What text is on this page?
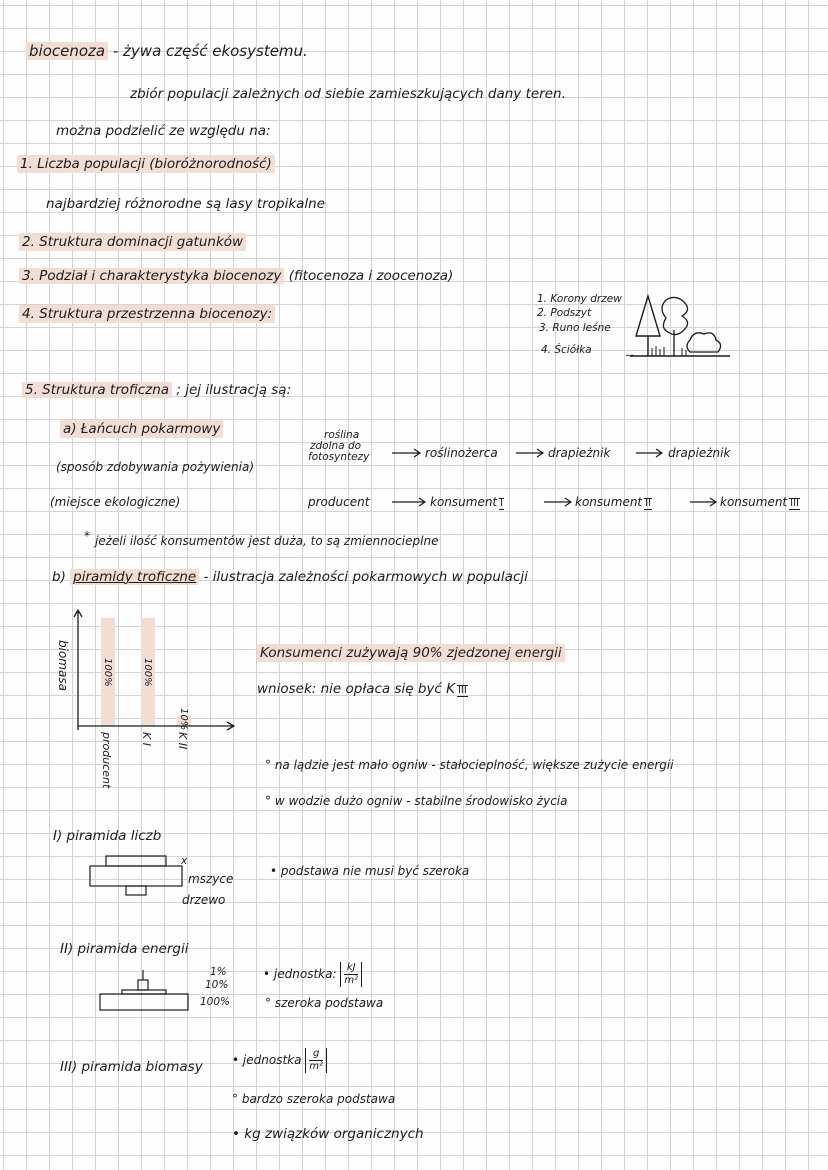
biocenoza - żywa część ekosystemu.
zbiór populacji zależnych od siebie zamieszkujących dany teren.
można podzielić ze względu na:
1. Liczba populacji (bioróżnorodność)
najbardziej różnorodne są lasy tropikalne
2. Struktura dominacji gatunków
3. Podział i charakterystyka biocenozy (fitocenoza i zoocenoza)
4. Struktura przestrzenna biocenozy:
1. Korony drzew
2. Podszyt
3. Runo leśne
4. Ściółka
5. Struktura troficzna ; jej ilustracją są:
a) Łańcuch pokarmowy
(sposób zdobywania pożywienia)
(miejsce ekologiczne)
roślina
zdolna do
fotosyntezy	roślinożerca	drapieżnik	drapieżnik
producent	konsument I	konsument II	konsument III
* jeżeli ilość konsumentów jest duża, to są zmiennocieplne
b) piramidy troficzne - ilustracja zależności pokarmowych w populacji
100%
producent
100%
K I
10%
K II
biomasa	Konsumenci zużywają 90% zjedzonej energii
wniosek: nie opłaca się być K III
° na lądzie jest mało ogniw - stałocieplność, większe zużycie energii
° w wodzie dużo ogniw - stabilne środowisko życia
I) piramida liczb
x
mszyce
drzewo
• podstawa nie musi być szeroka
II) piramida energii
1%
10%
100%
• jednostka: $\frac{kJ}{\text{m²}}$
° szeroka podstawa
III) piramida biomasy • jednostka $\frac{g}{\text{m²}}$
° bardzo szeroka podstawa
• kg związków organicznych
